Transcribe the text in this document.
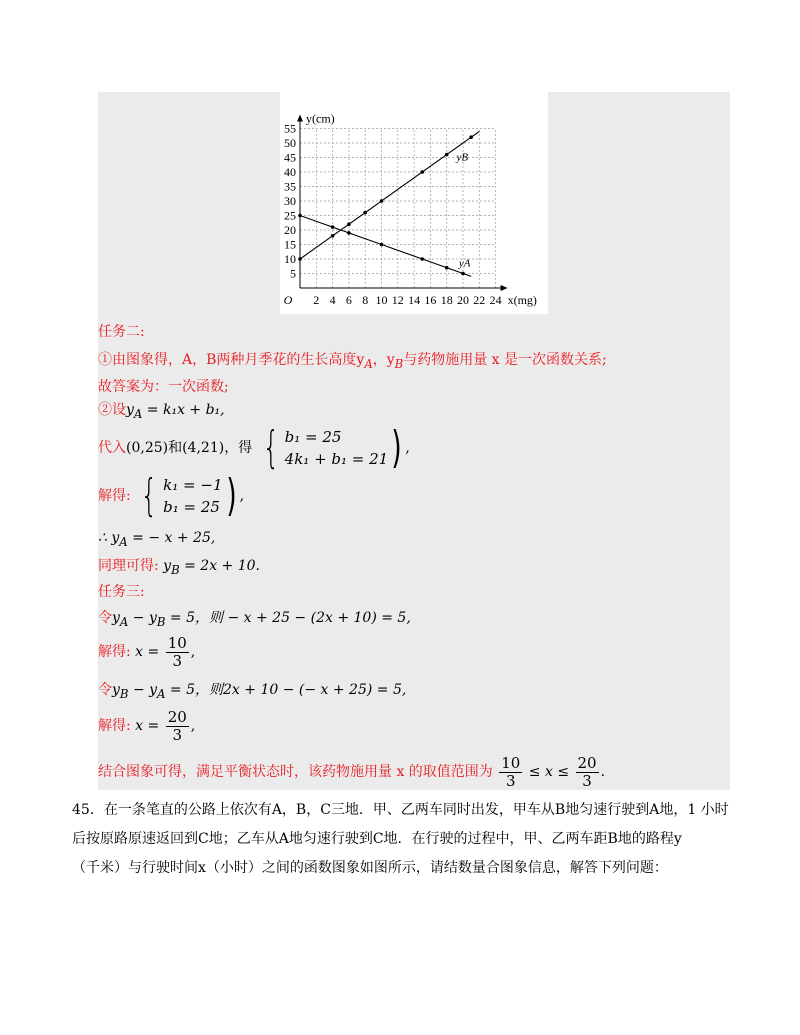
2 4 6 8 10 12 14 16 18 20 22 24
5
10
15
20
25
30
35
40
45
50
55
O	x(mg)
y(cm)
yB
yA
任务二:
①由图象得，A，B两种月季花的生长高度$y_A$，$y_B$与药物施用量 x 是一次函数关系;
故答案为：一次函数;
②设$y_A = k_1x + b_1$,
代入(0,25)和(4,21)，得 { b₁ = 25
4k₁ + b₁ = 21 ) ,
解得: { k₁ = −1
b₁ = 25 ) ,
∴ $y_A$ = − x + 25,
同理可得: $y_B = 2x + 10$.
任务三:
令$y_A - y_B = 5$，则 − x + 25 − (2x + 10) = 5,
解得: $x = \frac{10}{3}$ ,
令$y_B - y_A = 5$，则2x + 10 − (− x + 25) = 5,
解得: $x = \frac{20}{3}$ ,
结合图象可得，满足平衡状态时，该药物施用量 x 的取值范围为 $\frac{10}{3} \le x \le \frac{20}{3}$ .
45．在一条笔直的公路上依次有A，B，C三地．甲、乙两车同时出发，甲车从B地匀速行驶到A地，1 小时
后按原路原速返回到C地；乙车从A地匀速行驶到C地．在行驶的过程中，甲、乙两车距B地的路程y
（千米）与行驶时间x（小时）之间的函数图象如图所示，请结数量合图象信息，解答下列问题：
